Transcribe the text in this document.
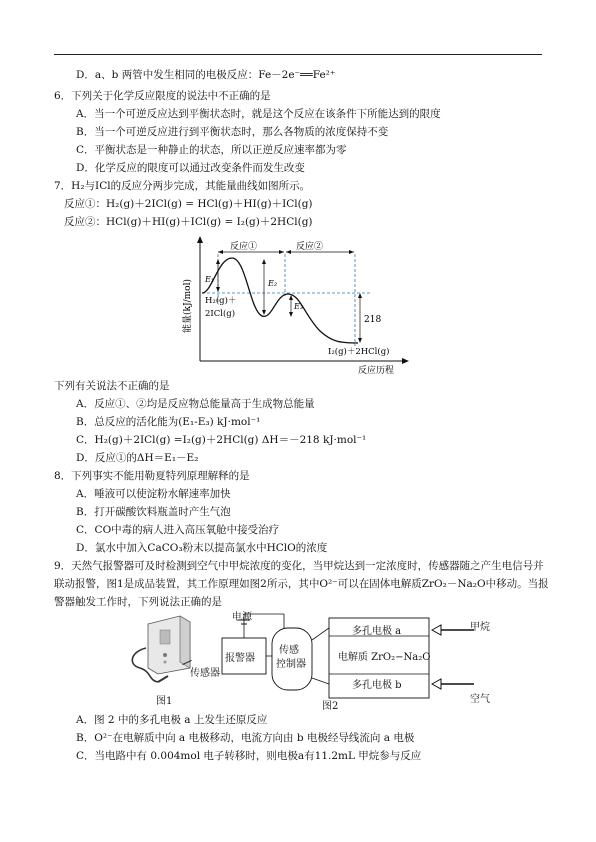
D．a、b 两管中发生相同的电极反应：Fe－2e⁻══Fe²⁺
6．下列关于化学反应限度的说法中不正确的是
A．当一个可逆反应达到平衡状态时，就是这个反应在该条件下所能达到的限度
B．当一个可逆反应进行到平衡状态时，那么各物质的浓度保持不变
C．平衡状态是一种静止的状态，所以正逆反应速率都为零
D．化学反应的限度可以通过改变条件而发生改变
7．H₂与ICl的反应分两步完成，其能量曲线如图所示。
反应①：H₂(g)＋2ICl(g) = HCl(g)＋HI(g)＋ICl(g)
反应②：HCl(g)＋HI(g)＋ICl(g) = I₂(g)＋2HCl(g)
能量(kJ/mol)
反应历程
反应①	反应②
E₁	E₂
E₃
218
H₂(g)＋
2ICl(g)
I₂(g)＋2HCl(g)
下列有关说法不正确的是
A．反应①、②均是反应物总能量高于生成物总能量
B．总反应的活化能为(E₁-E₃) kJ·mol⁻¹
C．H₂(g)＋2ICl(g) =I₂(g)＋2HCl(g) ΔH＝－218 kJ·mol⁻¹
D．反应①的ΔH＝E₁－E₂
8．下列事实不能用勒夏特列原理解释的是
A．唾液可以使淀粉水解速率加快
B．打开碳酸饮料瓶盖时产生气泡
C．CO中毒的病人进入高压氧舱中接受治疗
D．氯水中加入CaCO₃粉末以提高氯水中HClO的浓度
9．天然气报警器可及时检测到空气中甲烷浓度的变化，当甲烷达到一定浓度时，传感器随之产生电信号并
联动报警，图1是成品装置，其工作原理如图2所示，其中O²⁻可以在固体电解质ZrO₂－Na₂O中移动。当报
警器触发工作时，下列说法正确的是
传感器
图1
电源
报警器
传感
控制器
多孔电极 a
电解质 ZrO₂−Na₂O
多孔电极 b
甲烷
空气
图2
A．图 2 中的多孔电极 a 上发生还原反应
B．O²⁻在电解质中向 a 电极移动，电流方向由 b 电极经导线流向 a 电极
C．当电路中有 0.004mol 电子转移时，则电极a有11.2mL 甲烷参与反应
